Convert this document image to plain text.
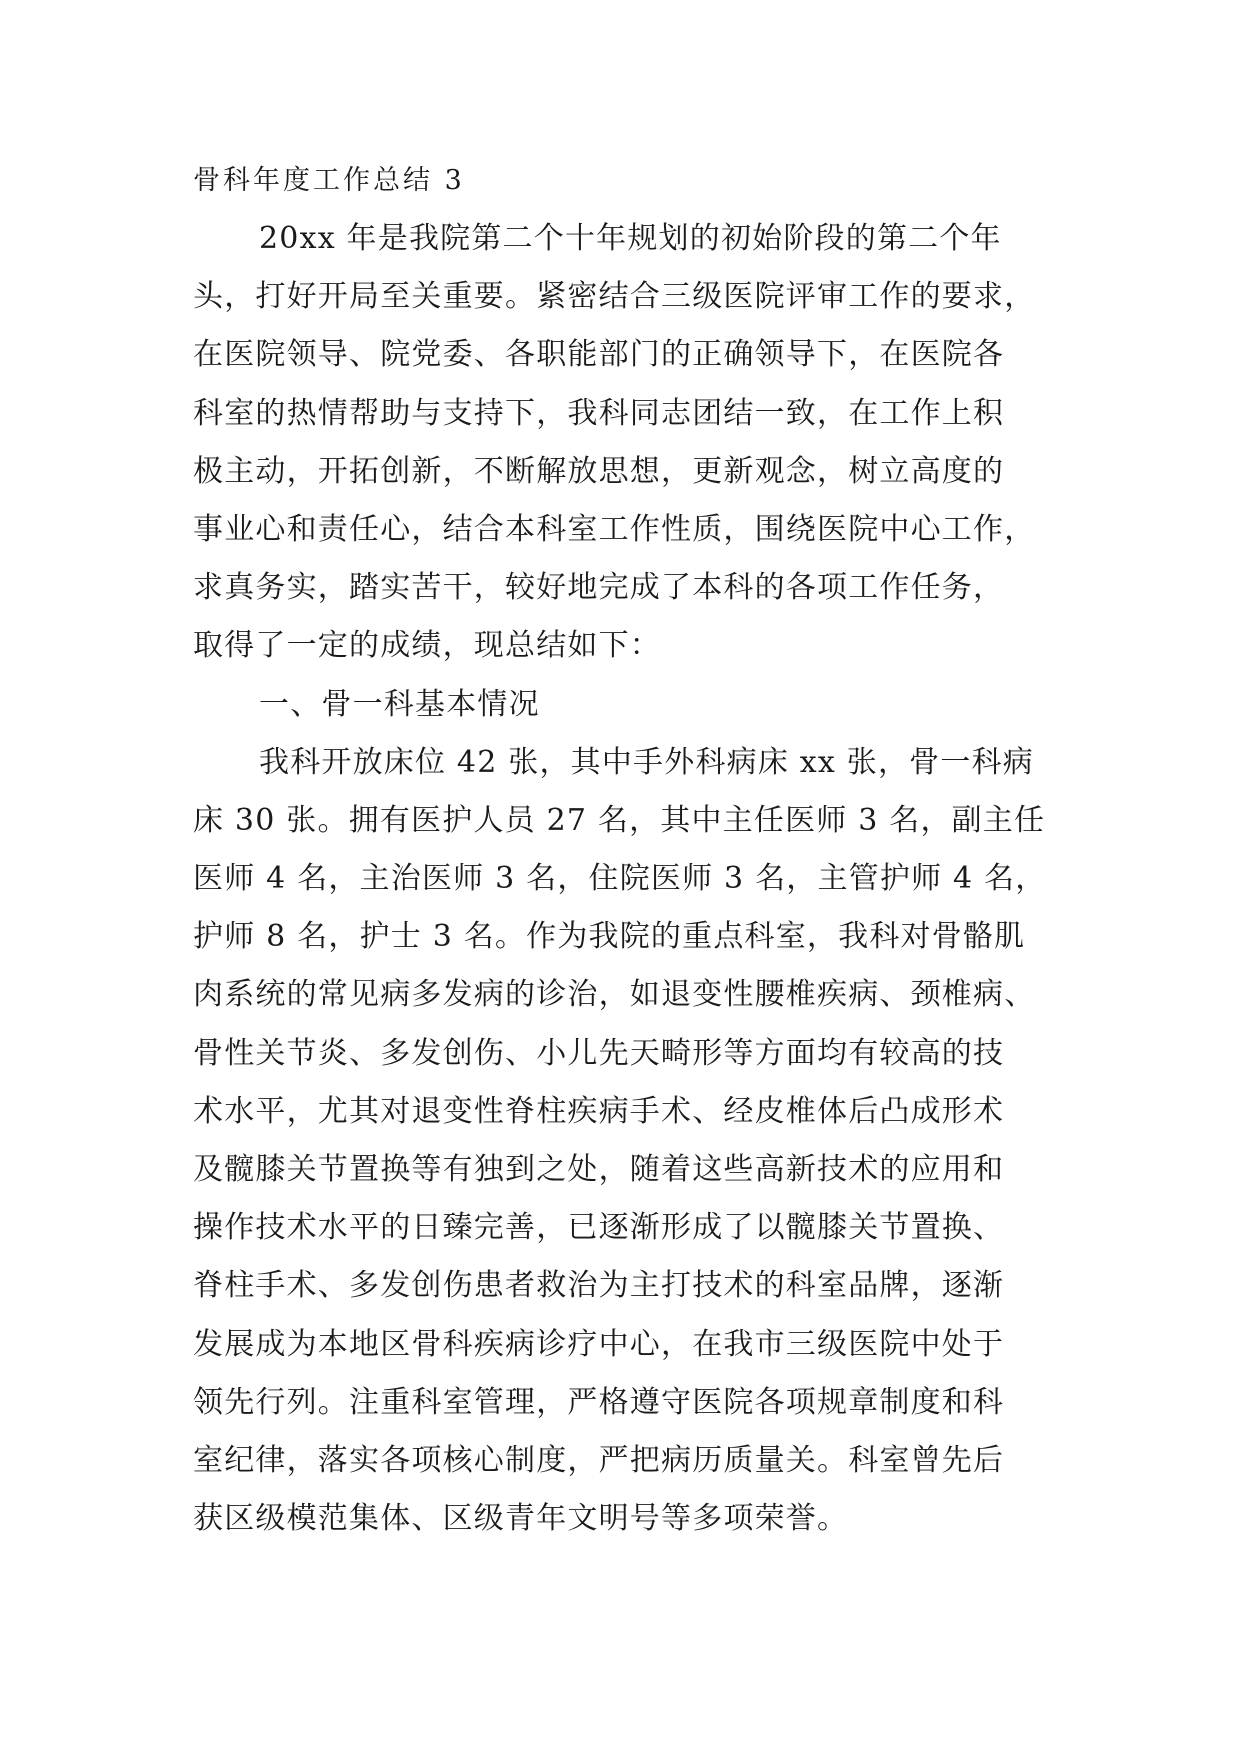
骨科年度工作总结 3
20xx 年是我院第二个十年规划的初始阶段的第二个年
头，打好开局至关重要。紧密结合三级医院评审工作的要求，
在医院领导、院党委、各职能部门的正确领导下，在医院各
科室的热情帮助与支持下，我科同志团结一致，在工作上积
极主动，开拓创新，不断解放思想，更新观念，树立高度的
事业心和责任心，结合本科室工作性质，围绕医院中心工作，
求真务实，踏实苦干，较好地完成了本科的各项工作任务，
取得了一定的成绩，现总结如下：
一、骨一科基本情况
我科开放床位 42 张，其中手外科病床 xx 张，骨一科病
床 30 张。拥有医护人员 27 名，其中主任医师 3 名，副主任
医师 4 名，主治医师 3 名，住院医师 3 名，主管护师 4 名，
护师 8 名，护士 3 名。作为我院的重点科室，我科对骨骼肌
肉系统的常见病多发病的诊治，如退变性腰椎疾病、颈椎病、
骨性关节炎、多发创伤、小儿先天畸形等方面均有较高的技
术水平，尤其对退变性脊柱疾病手术、经皮椎体后凸成形术
及髋膝关节置换等有独到之处，随着这些高新技术的应用和
操作技术水平的日臻完善，已逐渐形成了以髋膝关节置换、
脊柱手术、多发创伤患者救治为主打技术的科室品牌，逐渐
发展成为本地区骨科疾病诊疗中心，在我市三级医院中处于
领先行列。注重科室管理，严格遵守医院各项规章制度和科
室纪律，落实各项核心制度，严把病历质量关。科室曾先后
获区级模范集体、区级青年文明号等多项荣誉。
